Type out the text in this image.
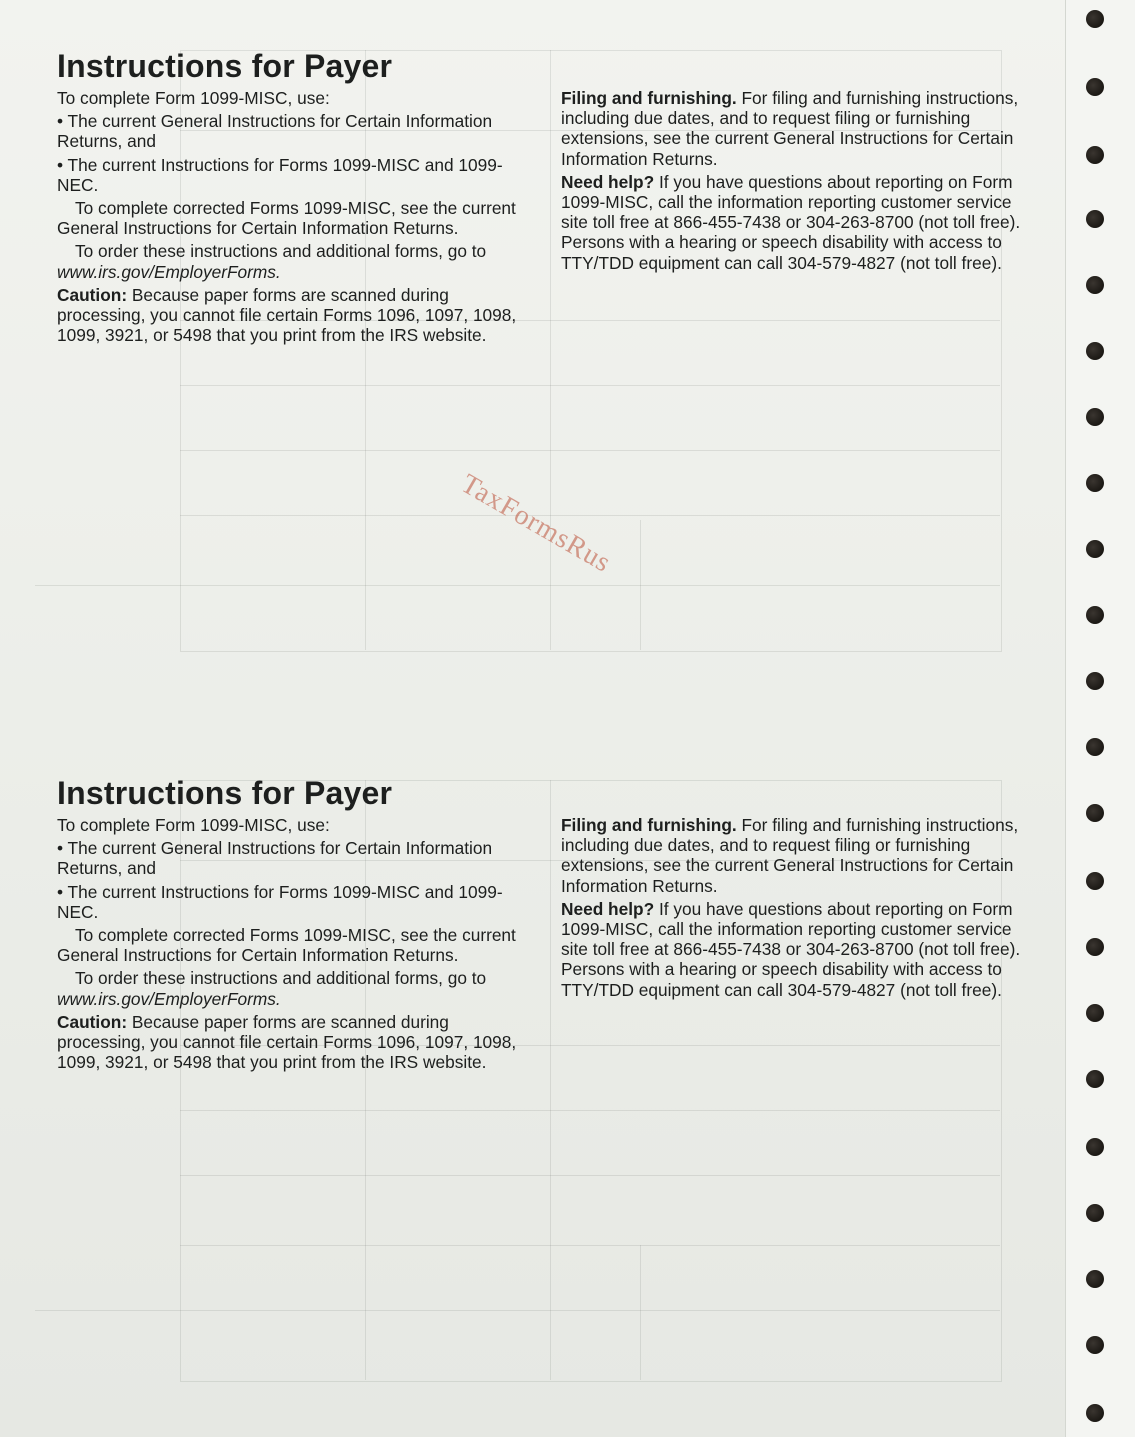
Instructions for Payer

To complete Form 1099-MISC, use:

• The current General Instructions for Certain Information Returns, and

• The current Instructions for Forms 1099-MISC and 1099-NEC.

To complete corrected Forms 1099-MISC, see the current General Instructions for Certain Information Returns.

To order these instructions and additional forms, go to www.irs.gov/EmployerForms.

Caution: Because paper forms are scanned during processing, you cannot file certain Forms 1096, 1097, 1098, 1099, 3921, or 5498 that you print from the IRS website.

Filing and furnishing. For filing and furnishing instructions, including due dates, and to request filing or furnishing extensions, see the current General Instructions for Certain Information Returns.

Need help? If you have questions about reporting on Form 1099-MISC, call the information reporting customer service site toll free at 866-455-7438 or 304-263-8700 (not toll free). Persons with a hearing or speech disability with access to TTY/TDD equipment can call 304-579-4827 (not toll free).

Instructions for Payer

To complete Form 1099-MISC, use:

• The current General Instructions for Certain Information Returns, and

• The current Instructions for Forms 1099-MISC and 1099-NEC.

To complete corrected Forms 1099-MISC, see the current General Instructions for Certain Information Returns.

To order these instructions and additional forms, go to www.irs.gov/EmployerForms.

Caution: Because paper forms are scanned during processing, you cannot file certain Forms 1096, 1097, 1098, 1099, 3921, or 5498 that you print from the IRS website.

Filing and furnishing. For filing and furnishing instructions, including due dates, and to request filing or furnishing extensions, see the current General Instructions for Certain Information Returns.

Need help? If you have questions about reporting on Form 1099-MISC, call the information reporting customer service site toll free at 866-455-7438 or 304-263-8700 (not toll free). Persons with a hearing or speech disability with access to TTY/TDD equipment can call 304-579-4827 (not toll free).

TaxFormsRus
